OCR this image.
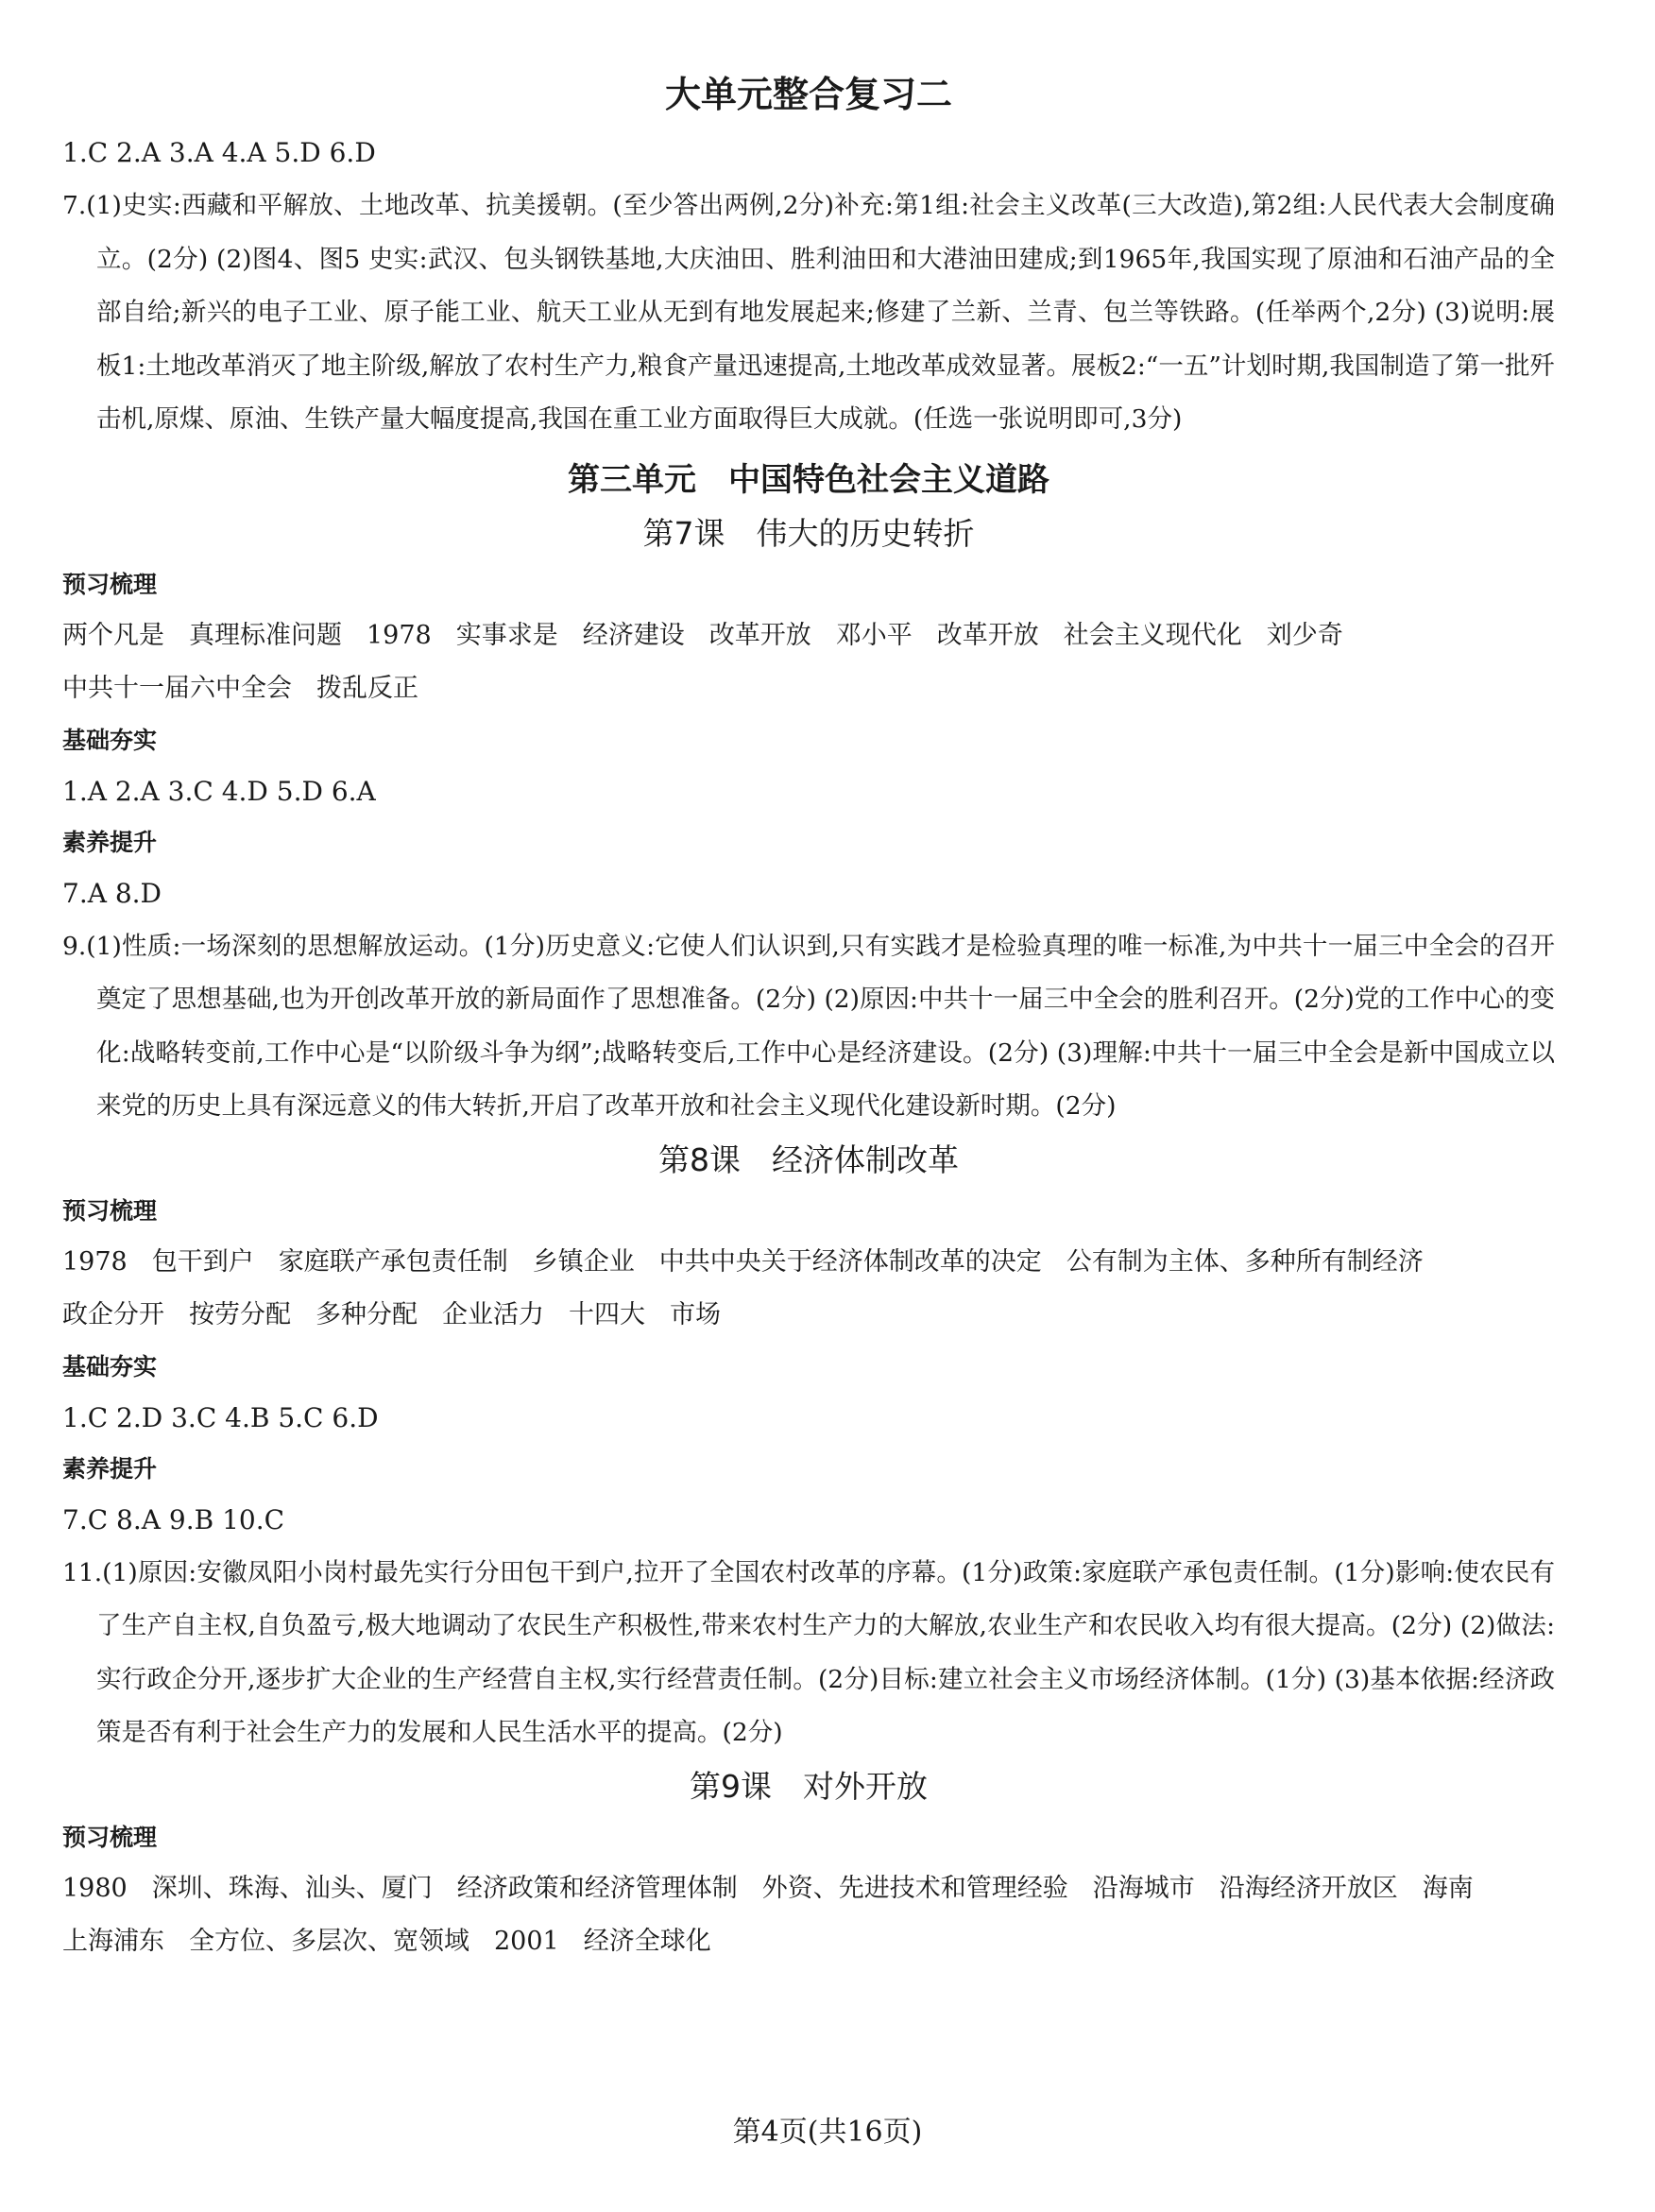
大单元整合复习二
1.C 2.A 3.A 4.A 5.D 6.D
7.(1)史实:西藏和平解放、土地改革、抗美援朝。(至少答出两例,2分)补充:第1组:社会主义改革(三大改造),第2组:人民代表大会制度确立。(2分) (2)图4、图5 史实:武汉、包头钢铁基地,大庆油田、胜利油田和大港油田建成;到1965年,我国实现了原油和石油产品的全部自给;新兴的电子工业、原子能工业、航天工业从无到有地发展起来;修建了兰新、兰青、包兰等铁路。(任举两个,2分) (3)说明:展板1:土地改革消灭了地主阶级,解放了农村生产力,粮食产量迅速提高,土地改革成效显著。展板2:“一五”计划时期,我国制造了第一批歼击机,原煤、原油、生铁产量大幅度提高,我国在重工业方面取得巨大成就。(任选一张说明即可,3分)
第三单元　中国特色社会主义道路
第7课　伟大的历史转折
预习梳理
两个凡是 真理标准问题 1978 实事求是 经济建设 改革开放 邓小平 改革开放 社会主义现代化 刘少奇中共十一届六中全会 拨乱反正
基础夯实
1.A 2.A 3.C 4.D 5.D 6.A
素养提升
7.A 8.D
9.(1)性质:一场深刻的思想解放运动。(1分)历史意义:它使人们认识到,只有实践才是检验真理的唯一标准,为中共十一届三中全会的召开奠定了思想基础,也为开创改革开放的新局面作了思想准备。(2分) (2)原因:中共十一届三中全会的胜利召开。(2分)党的工作中心的变化:战略转变前,工作中心是“以阶级斗争为纲”;战略转变后,工作中心是经济建设。(2分) (3)理解:中共十一届三中全会是新中国成立以来党的历史上具有深远意义的伟大转折,开启了改革开放和社会主义现代化建设新时期。(2分)
第8课　经济体制改革
预习梳理
1978 包干到户 家庭联产承包责任制 乡镇企业 中共中央关于经济体制改革的决定 公有制为主体、多种所有制经济政企分开 按劳分配 多种分配 企业活力 十四大 市场
基础夯实
1.C 2.D 3.C 4.B 5.C 6.D
素养提升
7.C 8.A 9.B 10.C
11.(1)原因:安徽凤阳小岗村最先实行分田包干到户,拉开了全国农村改革的序幕。(1分)政策:家庭联产承包责任制。(1分)影响:使农民有了生产自主权,自负盈亏,极大地调动了农民生产积极性,带来农村生产力的大解放,农业生产和农民收入均有很大提高。(2分) (2)做法:实行政企分开,逐步扩大企业的生产经营自主权,实行经营责任制。(2分)目标:建立社会主义市场经济体制。(1分) (3)基本依据:经济政策是否有利于社会生产力的发展和人民生活水平的提高。(2分)
第9课　对外开放
预习梳理
1980 深圳、珠海、汕头、厦门 经济政策和经济管理体制 外资、先进技术和管理经验 沿海城市 沿海经济开放区 海南上海浦东 全方位、多层次、宽领域 2001 经济全球化
第4页(共16页)
